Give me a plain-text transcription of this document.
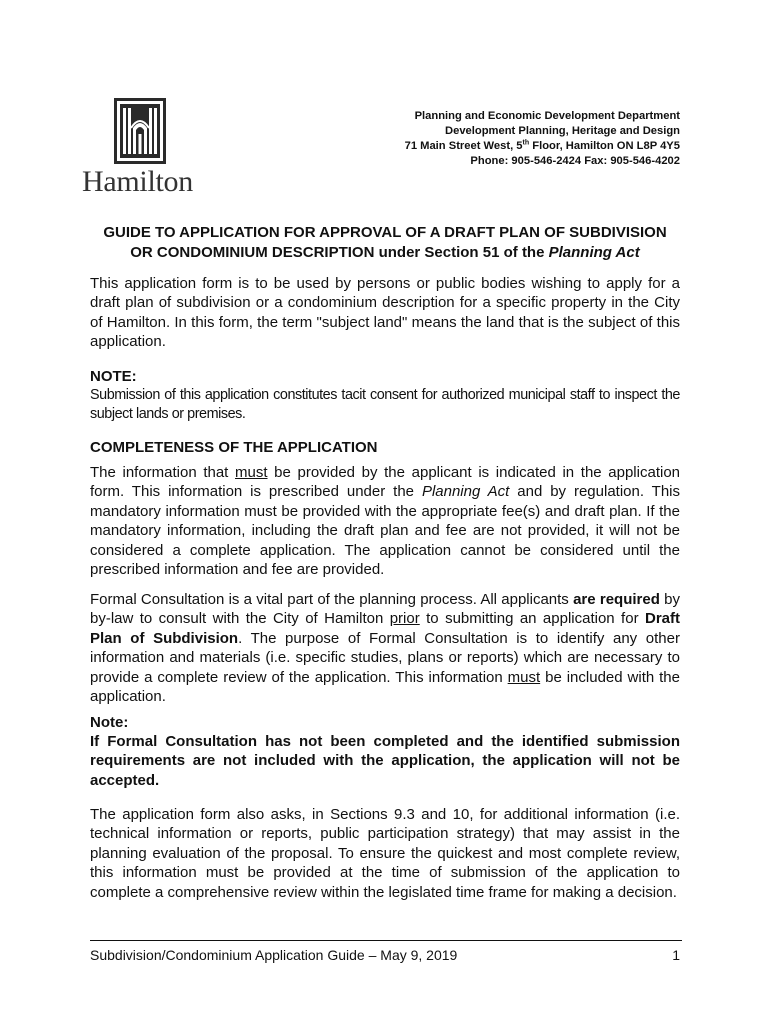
Hamilton
Planning and Economic Development Department
Development Planning, Heritage and Design
71 Main Street West, 5th Floor, Hamilton ON L8P 4Y5
Phone: 905-546-2424 Fax: 905-546-4202
GUIDE TO APPLICATION FOR APPROVAL OF A DRAFT PLAN OF SUBDIVISION
OR CONDOMINIUM DESCRIPTION under Section 51 of the Planning Act
This application form is to be used by persons or public bodies wishing to apply for a draft plan of subdivision or a condominium description for a specific property in the City of Hamilton. In this form, the term "subject land" means the land that is the subject of this application.
NOTE:
Submission of this application constitutes tacit consent for authorized municipal staff to inspect the subject lands or premises.
COMPLETENESS OF THE APPLICATION
The information that must be provided by the applicant is indicated in the application form. This information is prescribed under the Planning Act and by regulation. This mandatory information must be provided with the appropriate fee(s) and draft plan. If the mandatory information, including the draft plan and fee are not provided, it will not be considered a complete application. The application cannot be considered until the prescribed information and fee are provided.
Formal Consultation is a vital part of the planning process. All applicants are required by by-law to consult with the City of Hamilton prior to submitting an application for Draft Plan of Subdivision. The purpose of Formal Consultation is to identify any other information and materials (i.e. specific studies, plans or reports) which are necessary to provide a complete review of the application. This information must be included with the application.
Note:
If Formal Consultation has not been completed and the identified submission requirements are not included with the application, the application will not be accepted.
The application form also asks, in Sections 9.3 and 10, for additional information (i.e. technical information or reports, public participation strategy) that may assist in the planning evaluation of the proposal. To ensure the quickest and most complete review, this information must be provided at the time of submission of the application to complete a comprehensive review within the legislated time frame for making a decision.
Subdivision/Condominium Application Guide – May 9, 2019	1
